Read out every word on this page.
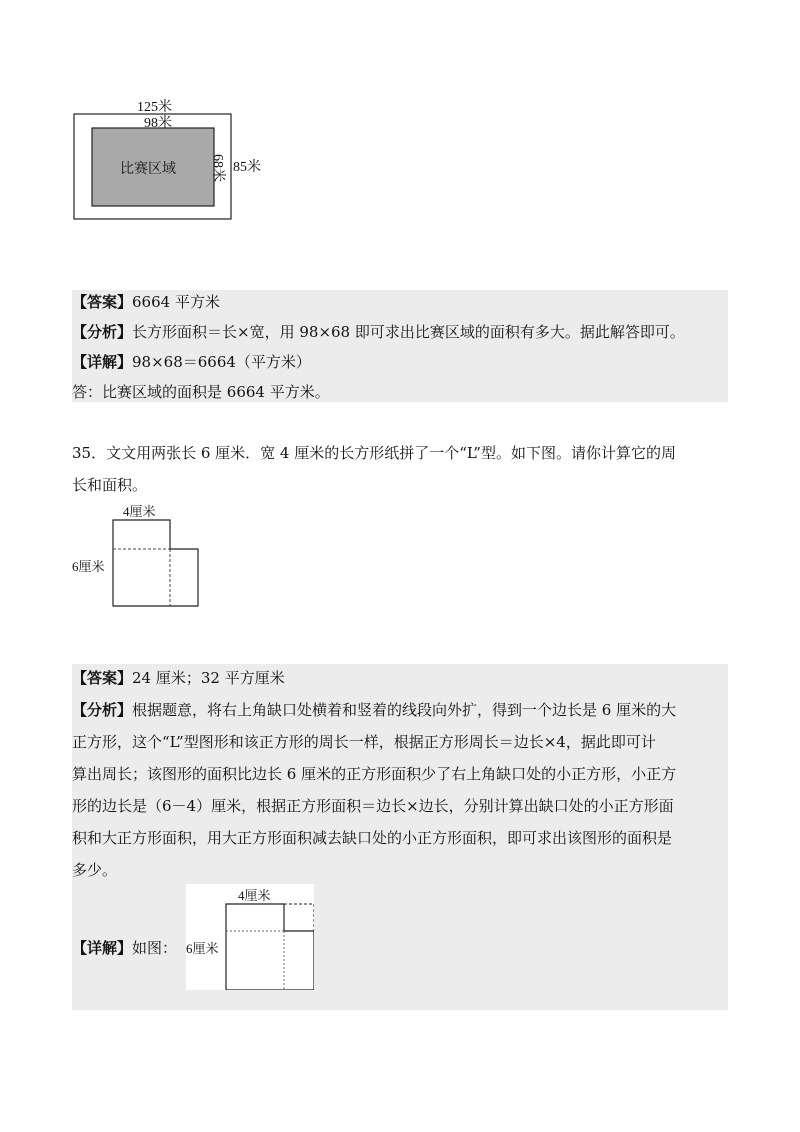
125米
98米
比赛区域 68米 85米
【答案】6664 平方米
【分析】长方形面积＝长×宽，用 98×68 即可求出比赛区域的面积有多大。据此解答即可。
【详解】98×68＝6664（平方米）
答：比赛区域的面积是 6664 平方米。
35．文文用两张长 6 厘米．宽 4 厘米的长方形纸拼了一个“L”型。如下图。请你计算它的周
长和面积。
4厘米
6厘米
【答案】24 厘米；32 平方厘米
【分析】根据题意，将右上角缺口处横着和竖着的线段向外扩，得到一个边长是 6 厘米的大
正方形，这个“L”型图形和该正方形的周长一样，根据正方形周长＝边长×4，据此即可计
算出周长；该图形的面积比边长 6 厘米的正方形面积少了右上角缺口处的小正方形，小正方
形的边长是（6－4）厘米，根据正方形面积＝边长×边长，分别计算出缺口处的小正方形面
积和大正方形面积，用大正方形面积减去缺口处的小正方形面积，即可求出该图形的面积是
多少。
【详解】如图：
4厘米
6厘米
